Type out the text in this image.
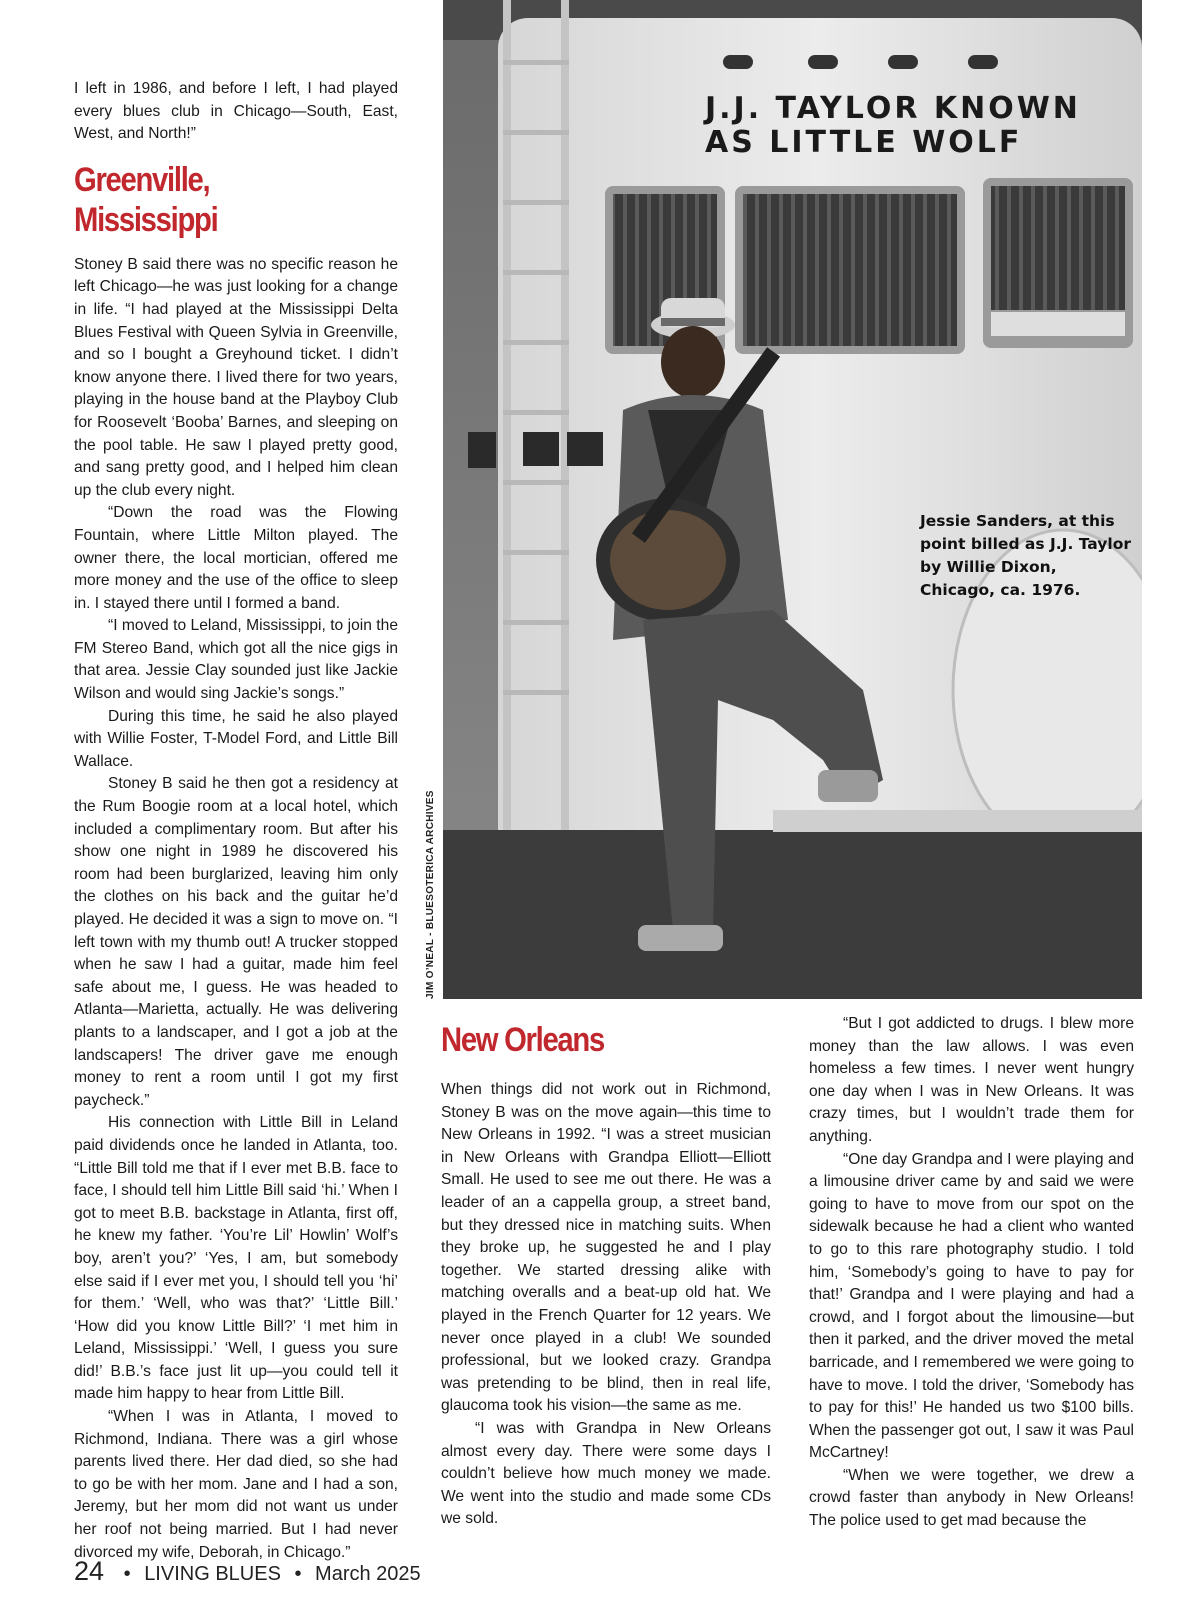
I left in 1986, and before I left, I had played every blues club in Chicago—South, East, West, and North!”

Greenville, Mississippi

Stoney B said there was no specific reason he left Chicago—he was just looking for a change in life. “I had played at the Mississippi Delta Blues Festival with Queen Sylvia in Greenville, and so I bought a Greyhound ticket. I didn’t know anyone there. I lived there for two years, playing in the house band at the Playboy Club for Roosevelt ‘Booba’ Barnes, and sleeping on the pool table. He saw I played pretty good, and sang pretty good, and I helped him clean up the club every night.

“Down the road was the Flowing Fountain, where Little Milton played. The owner there, the local mortician, offered me more money and the use of the office to sleep in. I stayed there until I formed a band.

“I moved to Leland, Mississippi, to join the FM Stereo Band, which got all the nice gigs in that area. Jessie Clay sounded just like Jackie Wilson and would sing Jackie’s songs.”

During this time, he said he also played with Willie Foster, T-Model Ford, and Little Bill Wallace.

Stoney B said he then got a residency at the Rum Boogie room at a local hotel, which included a complimentary room. But after his show one night in 1989 he discovered his room had been burglarized, leaving him only the clothes on his back and the guitar he’d played. He decided it was a sign to move on. “I left town with my thumb out! A trucker stopped when he saw I had a guitar, made him feel safe about me, I guess. He was headed to Atlanta—Marietta, actually. He was delivering plants to a landscaper, and I got a job at the landscapers! The driver gave me enough money to rent a room until I got my first paycheck.”

His connection with Little Bill in Leland paid dividends once he landed in Atlanta, too. “Little Bill told me that if I ever met B.B. face to face, I should tell him Little Bill said ‘hi.’ When I got to meet B.B. backstage in Atlanta, first off, he knew my father. ‘You’re Lil’ Howlin’ Wolf’s boy, aren’t you?’ ‘Yes, I am, but somebody else said if I ever met you, I should tell you ‘hi’ for them.’ ‘Well, who was that?’ ‘Little Bill.’ ‘How did you know Little Bill?’ ‘I met him in Leland, Mississippi.’ ‘Well, I guess you sure did!’ B.B.’s face just lit up—you could tell it made him happy to hear from Little Bill.

“When I was in Atlanta, I moved to Richmond, Indiana. There was a girl whose parents lived there. Her dad died, so she had to go be with her mom. Jane and I had a son, Jeremy, but her mom did not want us under her roof not being married. But I had never divorced my wife, Deborah, in Chicago.”

J.J. TAYLOR KNOWN
AS LITTLE WOLF
JIM O’NEAL - BLUESOTERICA ARCHIVES
Jessie Sanders, at this point billed as J.J. Taylor by Willie Dixon, Chicago, ca. 1976.
New Orleans

When things did not work out in Richmond, Stoney B was on the move again—this time to New Orleans in 1992. “I was a street musician in New Orleans with Grandpa Elliott—Elliott Small. He used to see me out there. He was a leader of an a cappella group, a street band, but they dressed nice in matching suits. When they broke up, he suggested he and I play together. We started dressing alike with matching overalls and a beat-up old hat. We played in the French Quarter for 12 years. We never once played in a club! We sounded professional, but we looked crazy. Grandpa was pretending to be blind, then in real life, glaucoma took his vision—the same as me.

“I was with Grandpa in New Orleans almost every day. There were some days I couldn’t believe how much money we made. We went into the studio and made some CDs we sold.

“But I got addicted to drugs. I blew more money than the law allows. I was even homeless a few times. I never went hungry one day when I was in New Orleans. It was crazy times, but I wouldn’t trade them for anything.

“One day Grandpa and I were playing and a limousine driver came by and said we were going to have to move from our spot on the sidewalk because he had a client who wanted to go to this rare photography studio. I told him, ‘Somebody’s going to have to pay for that!’ Grandpa and I were playing and had a crowd, and I forgot about the limousine—but then it parked, and the driver moved the metal barricade, and I remembered we were going to have to move. I told the driver, ‘Somebody has to pay for this!’ He handed us two $100 bills. When the passenger got out, I saw it was Paul McCartney!

“When we were together, we drew a crowd faster than anybody in New Orleans! The police used to get mad because the

24 • LIVING BLUES • March 2025
